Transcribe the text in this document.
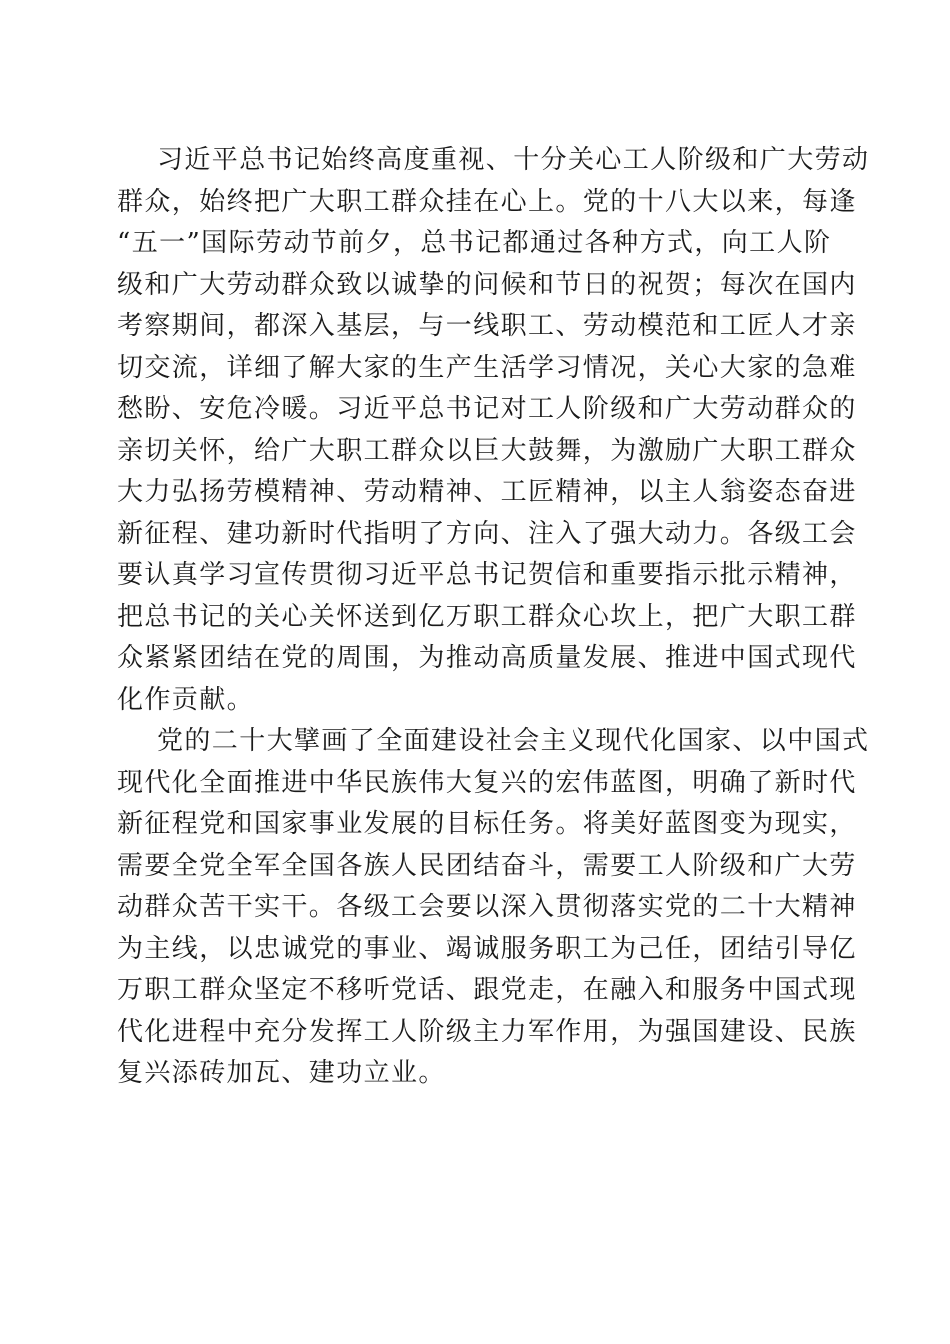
习近平总书记始终高度重视、十分关心工人阶级和广大劳动
群众，始终把广大职工群众挂在心上。党的十八大以来，每逢
“五一”国际劳动节前夕，总书记都通过各种方式，向工人阶
级和广大劳动群众致以诚挚的问候和节日的祝贺；每次在国内
考察期间，都深入基层，与一线职工、劳动模范和工匠人才亲
切交流，详细了解大家的生产生活学习情况，关心大家的急难
愁盼、安危冷暖。习近平总书记对工人阶级和广大劳动群众的
亲切关怀，给广大职工群众以巨大鼓舞，为激励广大职工群众
大力弘扬劳模精神、劳动精神、工匠精神，以主人翁姿态奋进
新征程、建功新时代指明了方向、注入了强大动力。各级工会
要认真学习宣传贯彻习近平总书记贺信和重要指示批示精神，
把总书记的关心关怀送到亿万职工群众心坎上，把广大职工群
众紧紧团结在党的周围，为推动高质量发展、推进中国式现代
化作贡献。

党的二十大擘画了全面建设社会主义现代化国家、以中国式
现代化全面推进中华民族伟大复兴的宏伟蓝图，明确了新时代
新征程党和国家事业发展的目标任务。将美好蓝图变为现实，
需要全党全军全国各族人民团结奋斗，需要工人阶级和广大劳
动群众苦干实干。各级工会要以深入贯彻落实党的二十大精神
为主线，以忠诚党的事业、竭诚服务职工为己任，团结引导亿
万职工群众坚定不移听党话、跟党走，在融入和服务中国式现
代化进程中充分发挥工人阶级主力军作用，为强国建设、民族
复兴添砖加瓦、建功立业。
